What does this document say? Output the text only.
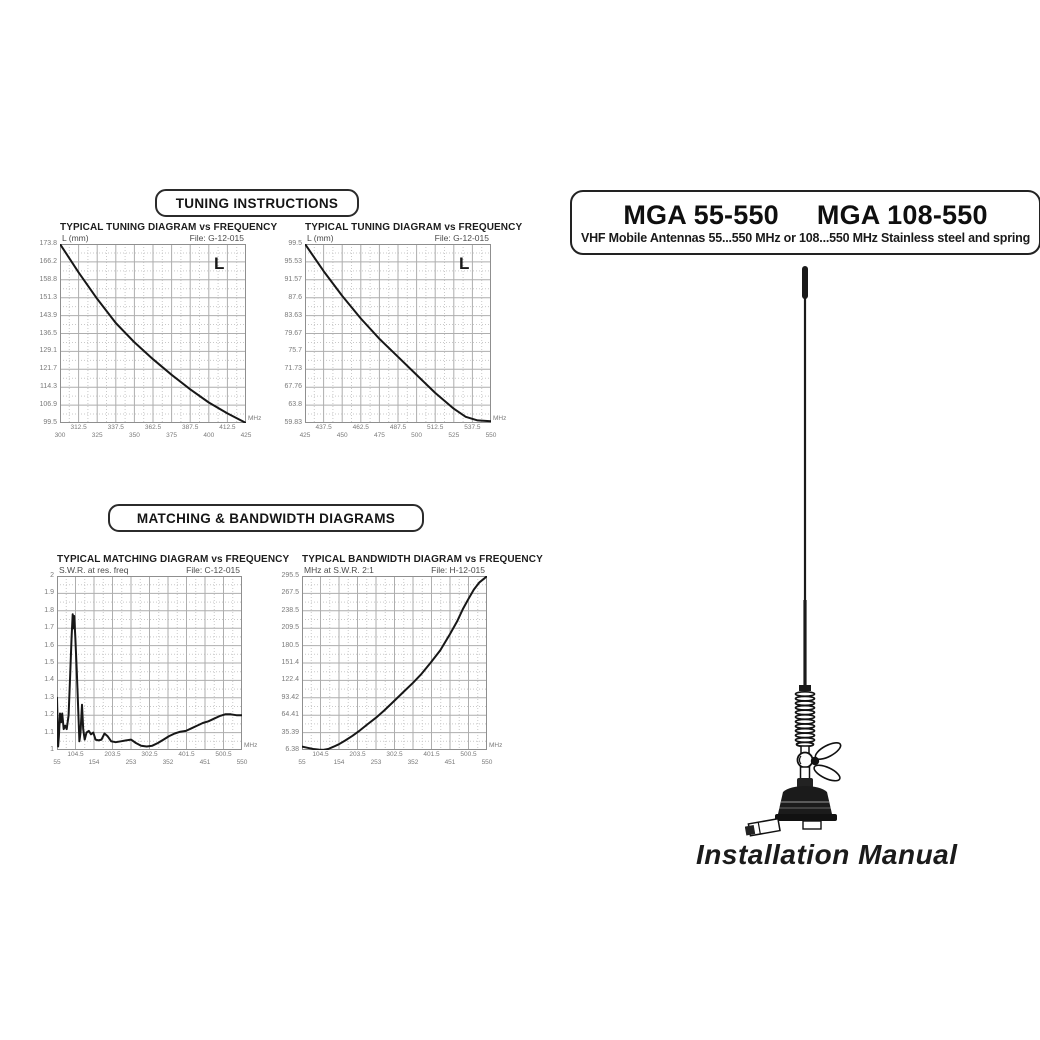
TUNING INSTRUCTIONS
MATCHING & BANDWIDTH DIAGRAMS
TYPICAL TUNING DIAGRAM vs FREQUENCY
L (mm)	File: G-12-015
173.8
166.2
158.8
151.3
143.9
136.5
129.1
121.7
114.3
106.9
99.5
300
312.5
325
337.5
350
362.5
375
387.5
400
412.5
425
MHz
L
TYPICAL TUNING DIAGRAM vs FREQUENCY
L (mm)	File: G-12-015
99.5
95.53
91.57
87.6
83.63
79.67
75.7
71.73
67.76
63.8
59.83
425
437.5
450
462.5
475
487.5
500
512.5
525
537.5
550
MHz
L
TYPICAL MATCHING DIAGRAM vs FREQUENCY
S.W.R. at res. freq	File: C-12-015
2
1.9
1.8
1.7
1.6
1.5
1.4
1.3
1.2
1.1
1
55
104.5
154
203.5
253
302.5
352
401.5
451
500.5
550
MHz
TYPICAL BANDWIDTH DIAGRAM vs FREQUENCY
MHz at S.W.R. 2:1	File: H-12-015
295.5
267.5
238.5
209.5
180.5
151.4
122.4
93.42
64.41
35.39
6.38
55
104.5
154
203.5
253
302.5
352
401.5
451
500.5
550
MHz
MGA 55-550 MGA 108-550
VHF Mobile Antennas 55...550 MHz or 108...550 MHz Stainless steel and spring
Installation Manual
